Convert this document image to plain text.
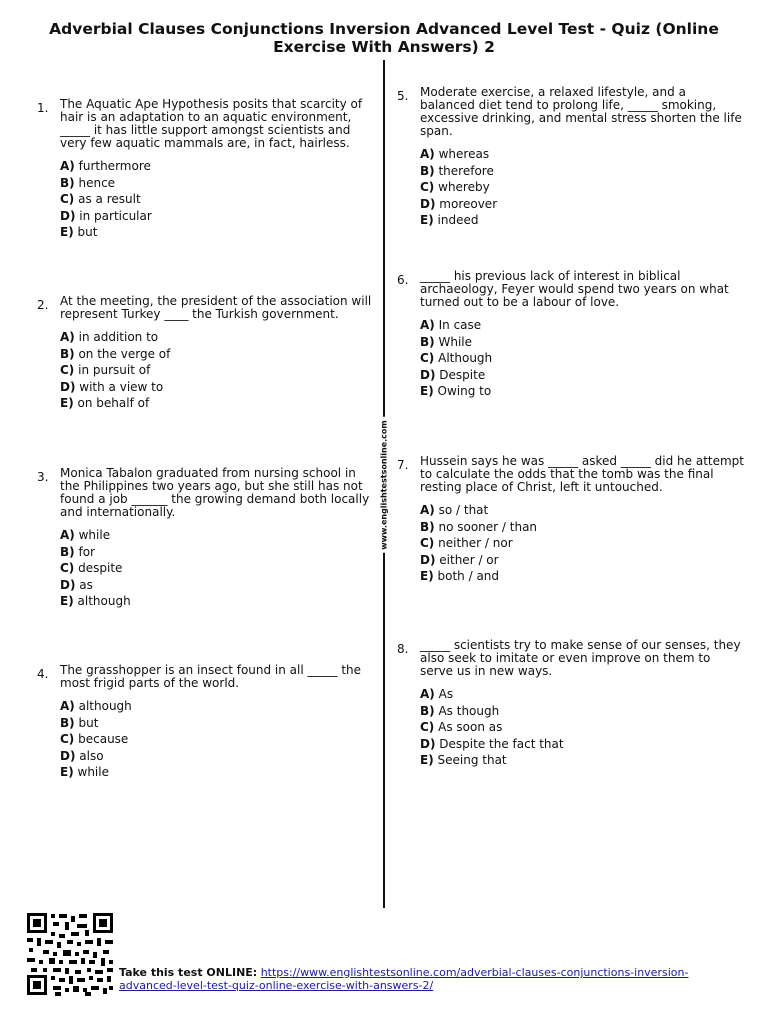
Adverbial Clauses Conjunctions Inversion Advanced Level Test - Quiz (Online Exercise With Answers) 2
www.englishtestsonline.com
1. The Aquatic Ape Hypothesis posits that scarcity of hair is an adaptation to an aquatic environment, _____ it has little support amongst scientists and very few aquatic mammals are, in fact, hairless.

A) furthermore
B) hence
C) as a result
D) in particular
E) but
2. At the meeting, the president of the association will represent Turkey ____ the Turkish government.

A) in addition to
B) on the verge of
C) in pursuit of
D) with a view to
E) on behalf of
3. Monica Tabalon graduated from nursing school in the Philippines two years ago, but she still has not found a job ______ the growing demand both locally and internationally.

A) while
B) for
C) despite
D) as
E) although
4. The grasshopper is an insect found in all _____ the most frigid parts of the world.

A) although
B) but
C) because
D) also
E) while
5. Moderate exercise, a relaxed lifestyle, and a balanced diet tend to prolong life, _____ smoking, excessive drinking, and mental stress shorten the life span.

A) whereas
B) therefore
C) whereby
D) moreover
E) indeed
6. _____ his previous lack of interest in biblical archaeology, Feyer would spend two years on what turned out to be a labour of love.

A) In case
B) While
C) Although
D) Despite
E) Owing to
7. Hussein says he was _____ asked _____ did he attempt to calculate the odds that the tomb was the final resting place of Christ, left it untouched.

A) so / that
B) no sooner / than
C) neither / nor
D) either / or
E) both / and
8. _____ scientists try to make sense of our senses, they also seek to imitate or even improve on them to serve us in new ways.

A) As
B) As though
C) As soon as
D) Despite the fact that
E) Seeing that
Take this test ONLINE: https://www.englishtestsonline.com/adverbial-clauses-conjunctions-inversion-advanced-level-test-quiz-online-exercise-with-answers-2/
